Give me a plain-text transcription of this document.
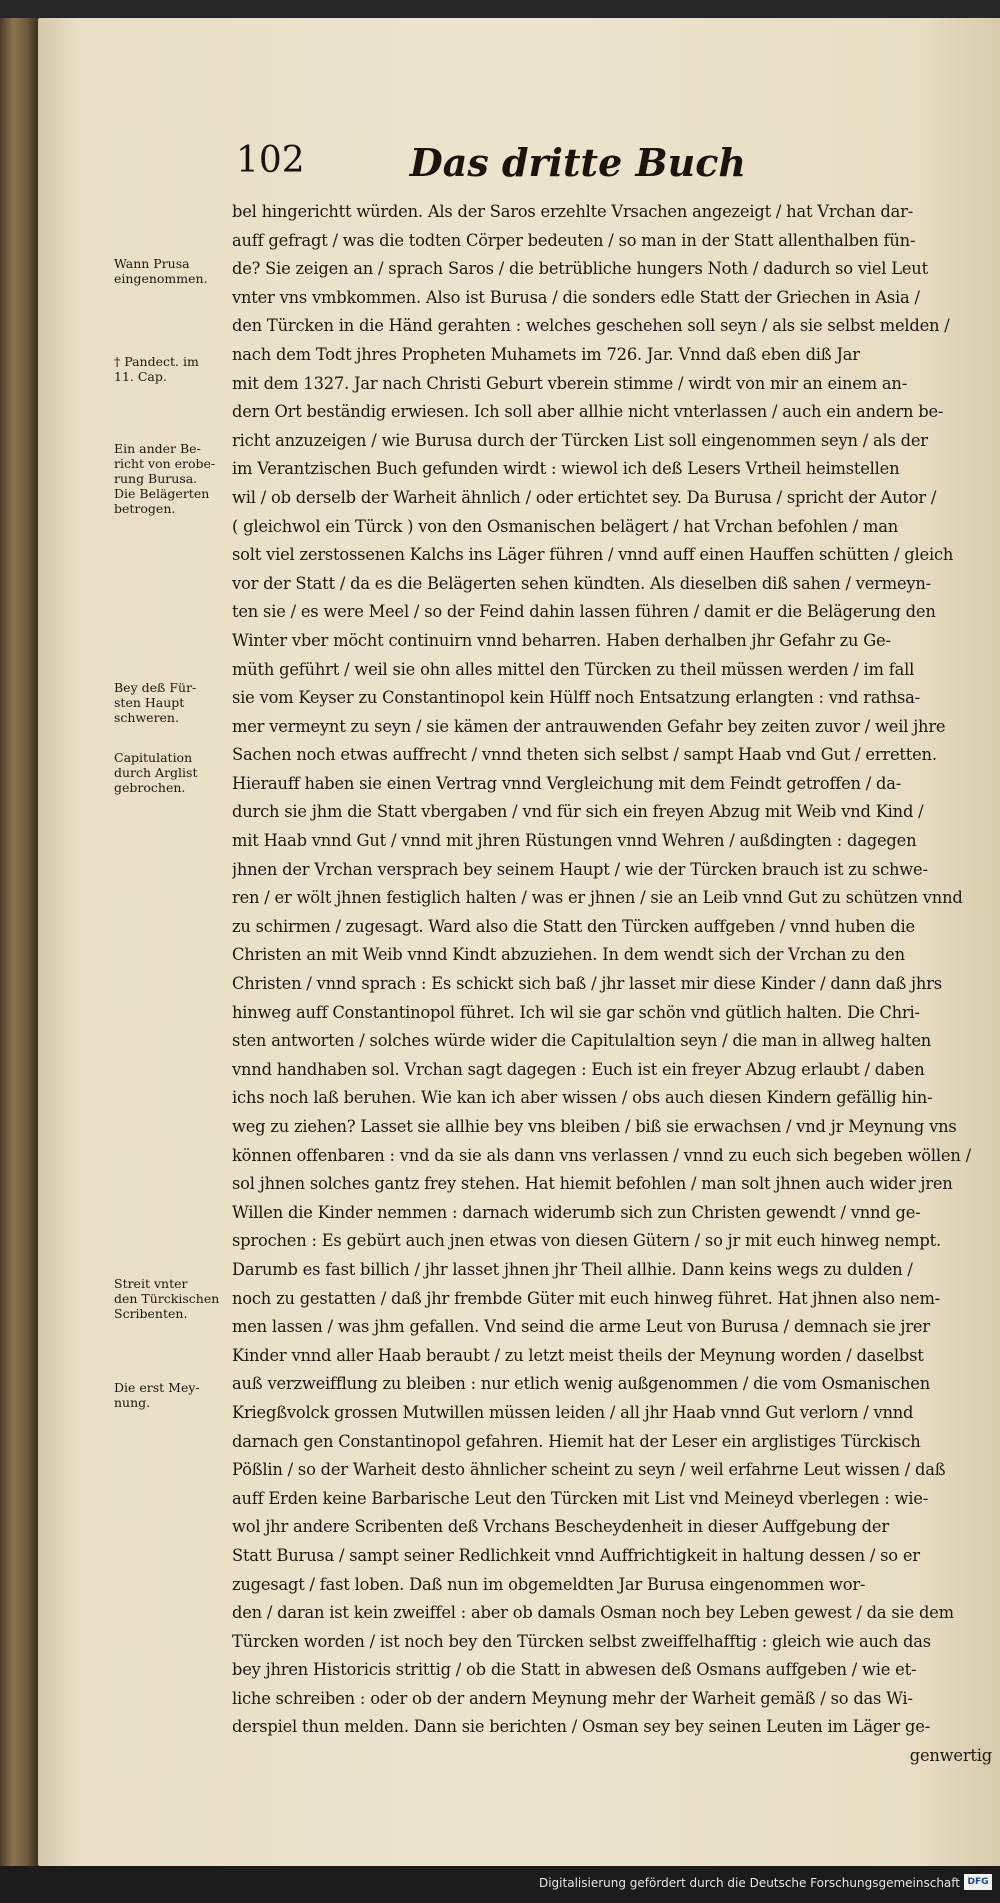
102	Das dritte Buch
bel hingerichtt würden. Als der Saros erzehlte Vrsachen angezeigt / hat Vrchan dar-
auff gefragt / was die todten Cörper bedeuten / so man in der Statt allenthalben fün-
de? Sie zeigen an / sprach Saros / die betrübliche hungers Noth / dadurch so viel Leut
vnter vns vmbkommen. Also ist Burusa / die sonders edle Statt der Griechen in Asia /
den Türcken in die Händ gerahten : welches geschehen soll seyn / als sie selbst melden /
nach dem Todt jhres Propheten Muhamets im 726. Jar. Vnnd daß eben diß Jar
mit dem 1327. Jar nach Christi Geburt vberein stimme / wirdt von mir an einem an-
dern Ort beständig erwiesen. Ich soll aber allhie nicht vnterlassen / auch ein andern be-
richt anzuzeigen / wie Burusa durch der Türcken List soll eingenommen seyn / als der
im Verantzischen Buch gefunden wirdt : wiewol ich deß Lesers Vrtheil heimstellen
wil / ob derselb der Warheit ähnlich / oder ertichtet sey. Da Burusa / spricht der Autor /
( gleichwol ein Türck ) von den Osmanischen belägert / hat Vrchan befohlen / man
solt viel zerstossenen Kalchs ins Läger führen / vnnd auff einen Hauffen schütten / gleich
vor der Statt / da es die Belägerten sehen kündten. Als dieselben diß sahen / vermeyn-
ten sie / es were Meel / so der Feind dahin lassen führen / damit er die Belägerung den
Winter vber möcht continuirn vnnd beharren. Haben derhalben jhr Gefahr zu Ge-
müth geführt / weil sie ohn alles mittel den Türcken zu theil müssen werden / im fall
sie vom Keyser zu Constantinopol kein Hülff noch Entsatzung erlangten : vnd rathsa-
mer vermeynt zu seyn / sie kämen der antrauwenden Gefahr bey zeiten zuvor / weil jhre
Sachen noch etwas auffrecht / vnnd theten sich selbst / sampt Haab vnd Gut / erretten.
Hierauff haben sie einen Vertrag vnnd Vergleichung mit dem Feindt getroffen / da-
durch sie jhm die Statt vbergaben / vnd für sich ein freyen Abzug mit Weib vnd Kind /
mit Haab vnnd Gut / vnnd mit jhren Rüstungen vnnd Wehren / außdingten : dagegen
jhnen der Vrchan versprach bey seinem Haupt / wie der Türcken brauch ist zu schwe-
ren / er wölt jhnen festiglich halten / was er jhnen / sie an Leib vnnd Gut zu schützen vnnd
zu schirmen / zugesagt. Ward also die Statt den Türcken auffgeben / vnnd huben die
Christen an mit Weib vnnd Kindt abzuziehen. In dem wendt sich der Vrchan zu den
Christen / vnnd sprach : Es schickt sich baß / jhr lasset mir diese Kinder / dann daß jhrs
hinweg auff Constantinopol führet. Ich wil sie gar schön vnd gütlich halten. Die Chri-
sten antworten / solches würde wider die Capitulaltion seyn / die man in allweg halten
vnnd handhaben sol. Vrchan sagt dagegen : Euch ist ein freyer Abzug erlaubt / daben
ichs noch laß beruhen. Wie kan ich aber wissen / obs auch diesen Kindern gefällig hin-
weg zu ziehen? Lasset sie allhie bey vns bleiben / biß sie erwachsen / vnd jr Meynung vns
können offenbaren : vnd da sie als dann vns verlassen / vnnd zu euch sich begeben wöllen /
sol jhnen solches gantz frey stehen. Hat hiemit befohlen / man solt jhnen auch wider jren
Willen die Kinder nemmen : darnach widerumb sich zun Christen gewendt / vnnd ge-
sprochen : Es gebürt auch jnen etwas von diesen Gütern / so jr mit euch hinweg nempt.
Darumb es fast billich / jhr lasset jhnen jhr Theil allhie. Dann keins wegs zu dulden /
noch zu gestatten / daß jhr frembde Güter mit euch hinweg führet. Hat jhnen also nem-
men lassen / was jhm gefallen. Vnd seind die arme Leut von Burusa / demnach sie jrer
Kinder vnnd aller Haab beraubt / zu letzt meist theils der Meynung worden / daselbst
auß verzweifflung zu bleiben : nur etlich wenig außgenommen / die vom Osmanischen
Kriegßvolck grossen Mutwillen müssen leiden / all jhr Haab vnnd Gut verlorn / vnnd
darnach gen Constantinopol gefahren. Hiemit hat der Leser ein arglistiges Türckisch
Pößlin / so der Warheit desto ähnlicher scheint zu seyn / weil erfahrne Leut wissen / daß
auff Erden keine Barbarische Leut den Türcken mit List vnd Meineyd vberlegen : wie-
wol jhr andere Scribenten deß Vrchans Bescheydenheit in dieser Auffgebung der
Statt Burusa / sampt seiner Redlichkeit vnnd Auffrichtigkeit in haltung dessen / so er
zugesagt / fast loben. Daß nun im obgemeldten Jar Burusa eingenommen wor-
den / daran ist kein zweiffel : aber ob damals Osman noch bey Leben gewest / da sie dem
Türcken worden / ist noch bey den Türcken selbst zweiffelhafftig : gleich wie auch das
bey jhren Historicis strittig / ob die Statt in abwesen deß Osmans auffgeben / wie et-
liche schreiben : oder ob der andern Meynung mehr der Warheit gemäß / so das Wi-
derspiel thun melden. Dann sie berichten / Osman sey bey seinen Leuten im Läger ge-
genwertig
Wann Prusa
eingenommen.
† Pandect. im
11. Cap.
Ein ander Be-
richt von erobe-
rung Burusa.
Die Belägerten
betrogen.
Bey deß Für-
sten Haupt
schweren.
Capitulation
durch Arglist
gebrochen.
Streit vnter
den Türckischen
Scribenten.
Die erst Mey-
nung.
Digitalisierung gefördert durch die Deutsche Forschungsgemeinschaft DFG
